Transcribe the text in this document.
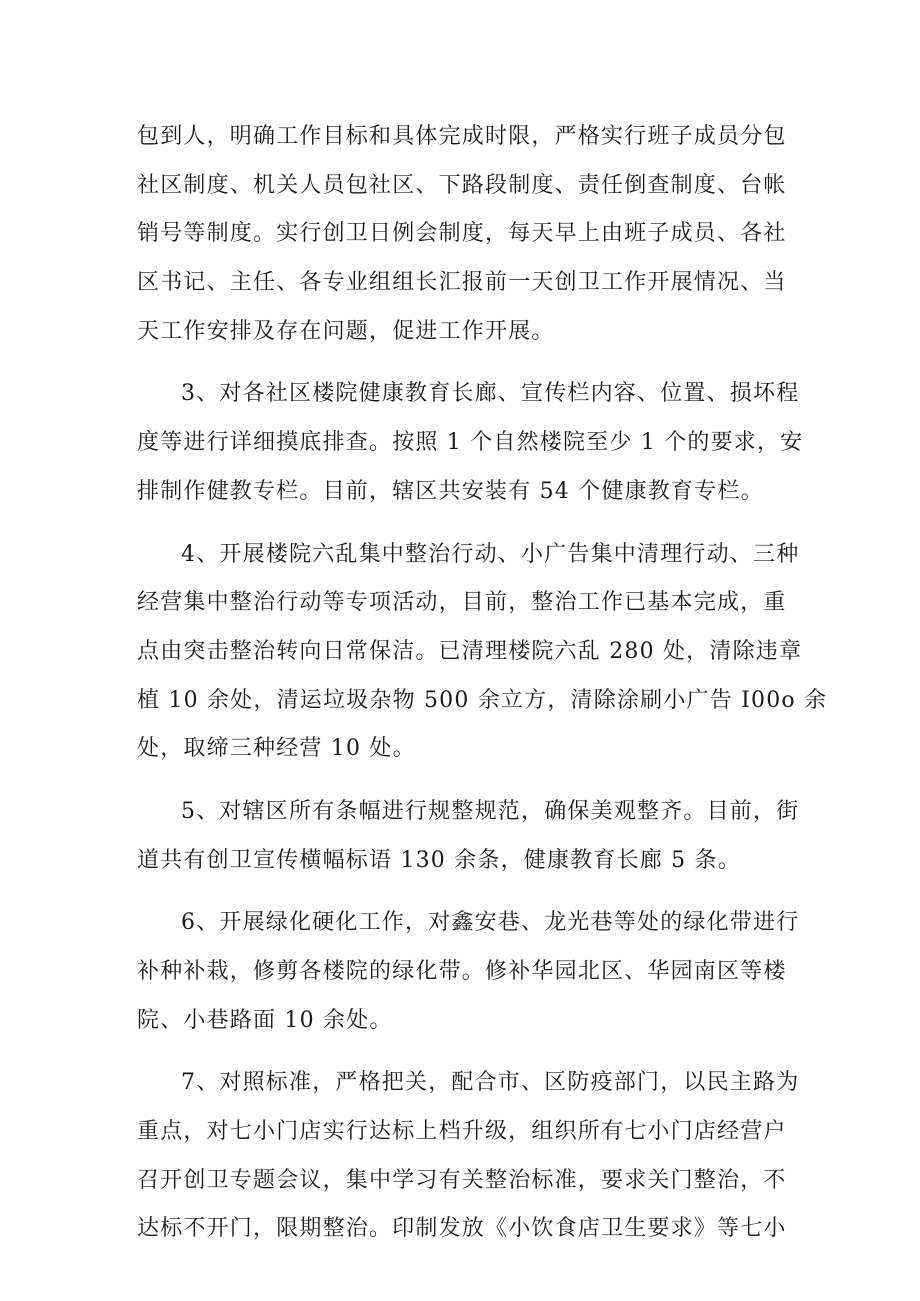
包到人，明确工作目标和具体完成时限，严格实行班子成员分包
社区制度、机关人员包社区、下路段制度、责任倒查制度、台帐
销号等制度。实行创卫日例会制度，每天早上由班子成员、各社
区书记、主任、各专业组组长汇报前一天创卫工作开展情况、当
天工作安排及存在问题，促进工作开展。
3、对各社区楼院健康教育长廊、宣传栏内容、位置、损坏程
度等进行详细摸底排查。按照 1 个自然楼院至少 1 个的要求，安
排制作健教专栏。目前，辖区共安装有 54 个健康教育专栏。
4、开展楼院六乱集中整治行动、小广告集中清理行动、三种
经营集中整治行动等专项活动，目前，整治工作已基本完成，重
点由突击整治转向日常保洁。已清理楼院六乱 280 处，清除违章
植 10 余处，清运垃圾杂物 500 余立方，清除涂刷小广告 I00o 余
处，取缔三种经营 10 处。
5、对辖区所有条幅进行规整规范，确保美观整齐。目前，街
道共有创卫宣传横幅标语 130 余条，健康教育长廊 5 条。
6、开展绿化硬化工作，对鑫安巷、龙光巷等处的绿化带进行
补种补栽，修剪各楼院的绿化带。修补华园北区、华园南区等楼
院、小巷路面 10 余处。
7、对照标准，严格把关，配合市、区防疫部门，以民主路为
重点，对七小门店实行达标上档升级，组织所有七小门店经营户
召开创卫专题会议，集中学习有关整治标准，要求关门整治，不
达标不开门，限期整治。印制发放《小饮食店卫生要求》等七小
